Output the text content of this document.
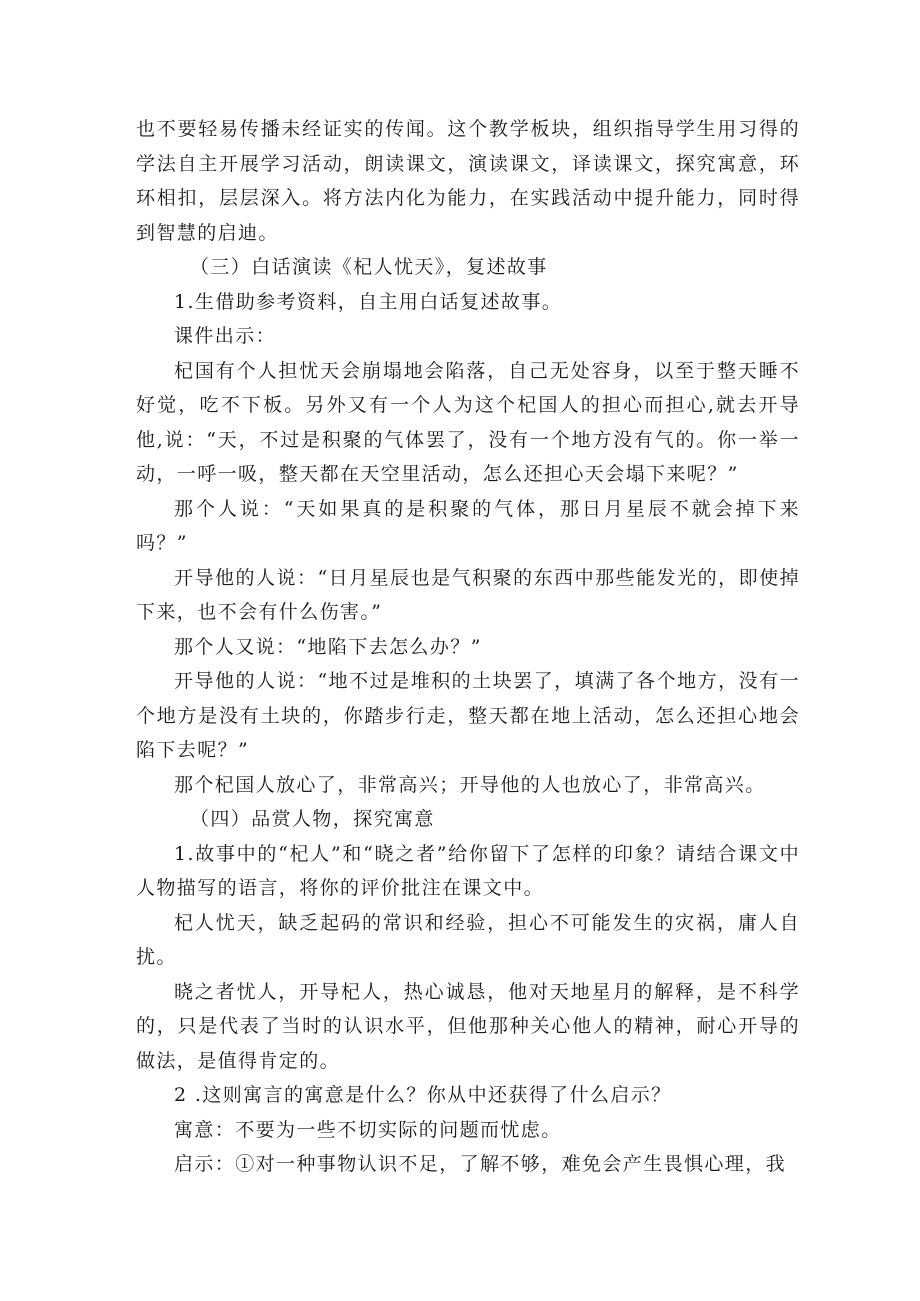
也不要轻易传播未经证实的传闻。这个教学板块，组织指导学生用习得的学法自主开展学习活动，朗读课文，演读课文，译读课文，探究寓意，环环相扣，层层深入。将方法内化为能力，在实践活动中提升能力，同时得到智慧的启迪。

（三）白话演读《杞人忧天》，复述故事

1.生借助参考资料，自主用白话复述故事。

课件出示：

杞国有个人担忧天会崩塌地会陷落，自己无处容身，以至于整天睡不好觉，吃不下板。另外又有一个人为这个杞国人的担心而担心,就去开导他,说：“天，不过是积聚的气体罢了，没有一个地方没有气的。你一举一动，一呼一吸，整天都在天空里活动，怎么还担心天会塌下来呢？”

那个人说：“天如果真的是积聚的气体，那日月星辰不就会掉下来吗？”

开导他的人说：“日月星辰也是气积聚的东西中那些能发光的，即使掉下来，也不会有什么伤害。”

那个人又说：“地陷下去怎么办？”

开导他的人说：“地不过是堆积的土块罢了，填满了各个地方，没有一个地方是没有土块的，你踏步行走，整天都在地上活动，怎么还担心地会陷下去呢？”

那个杞国人放心了，非常高兴；开导他的人也放心了，非常高兴。

（四）品赏人物，探究寓意

1.故事中的“杞人”和“晓之者”给你留下了怎样的印象？请结合课文中人物描写的语言，将你的评价批注在课文中。

杞人忧天，缺乏起码的常识和经验，担心不可能发生的灾祸，庸人自扰。

晓之者忧人，开导杞人，热心诚恳，他对天地星月的解释，是不科学的，只是代表了当时的认识水平，但他那种关心他人的精神，耐心开导的做法，是值得肯定的。

2 .这则寓言的寓意是什么？你从中还获得了什么启示？

寓意：不要为一些不切实际的问题而忧虑。

启示：①对一种事物认识不足，了解不够，难免会产生畏惧心理，我
